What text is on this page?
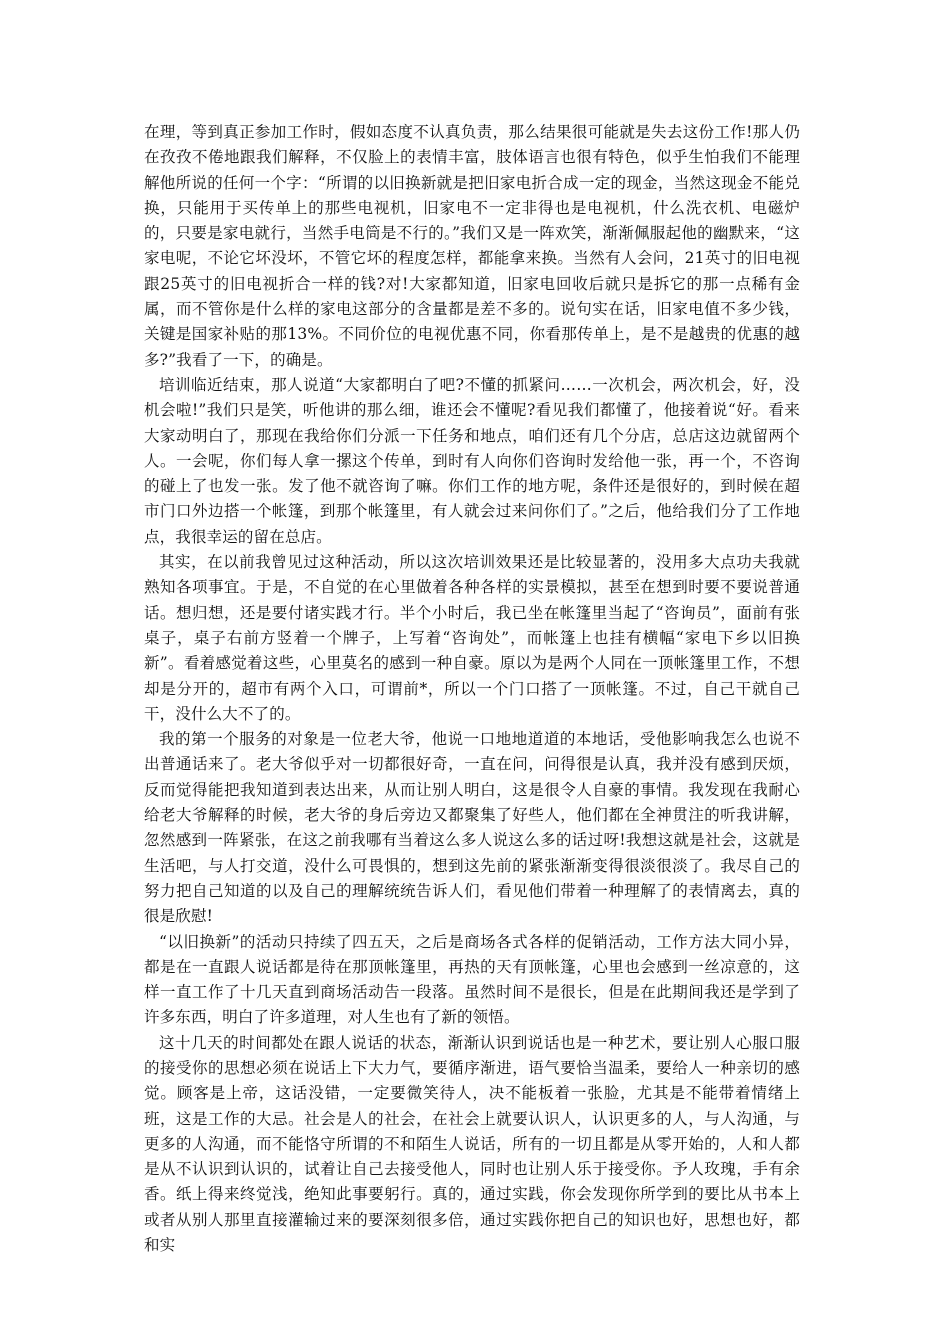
在理，等到真正参加工作时，假如态度不认真负责，那么结果很可能就是失去这份工作!那人仍在孜孜不倦地跟我们解释，不仅脸上的表情丰富，肢体语言也很有特色，似乎生怕我们不能理解他所说的任何一个字：“所谓的以旧换新就是把旧家电折合成一定的现金，当然这现金不能兑换，只能用于买传单上的那些电视机，旧家电不一定非得也是电视机，什么洗衣机、电磁炉的，只要是家电就行，当然手电筒是不行的。”我们又是一阵欢笑，渐渐佩服起他的幽默来，“这家电呢，不论它坏没坏，不管它坏的程度怎样，都能拿来换。当然有人会问，21英寸的旧电视跟25英寸的旧电视折合一样的钱?对!大家都知道，旧家电回收后就只是拆它的那一点稀有金属，而不管你是什么样的家电这部分的含量都是差不多的。说句实在话，旧家电值不多少钱，关键是国家补贴的那13%。不同价位的电视优惠不同，你看那传单上，是不是越贵的优惠的越多?”我看了一下，的确是。

培训临近结束，那人说道“大家都明白了吧?不懂的抓紧问……一次机会，两次机会，好，没机会啦!”我们只是笑，听他讲的那么细，谁还会不懂呢?看见我们都懂了，他接着说“好。看来大家动明白了，那现在我给你们分派一下任务和地点，咱们还有几个分店，总店这边就留两个人。一会呢，你们每人拿一摞这个传单，到时有人向你们咨询时发给他一张，再一个，不咨询的碰上了也发一张。发了他不就咨询了嘛。你们工作的地方呢，条件还是很好的，到时候在超市门口外边搭一个帐篷，到那个帐篷里，有人就会过来问你们了。”之后，他给我们分了工作地点，我很幸运的留在总店。

其实，在以前我曾见过这种活动，所以这次培训效果还是比较显著的，没用多大点功夫我就熟知各项事宜。于是，不自觉的在心里做着各种各样的实景模拟，甚至在想到时要不要说普通话。想归想，还是要付诸实践才行。半个小时后，我已坐在帐篷里当起了“咨询员”，面前有张桌子，桌子右前方竖着一个牌子，上写着“咨询处”，而帐篷上也挂有横幅“家电下乡以旧换新”。看着感觉着这些，心里莫名的感到一种自豪。原以为是两个人同在一顶帐篷里工作，不想却是分开的，超市有两个入口，可谓前*，所以一个门口搭了一顶帐篷。不过，自己干就自己干，没什么大不了的。

我的第一个服务的对象是一位老大爷，他说一口地地道道的本地话，受他影响我怎么也说不出普通话来了。老大爷似乎对一切都很好奇，一直在问，问得很是认真，我并没有感到厌烦，反而觉得能把我知道到表达出来，从而让别人明白，这是很令人自豪的事情。我发现在我耐心给老大爷解释的时候，老大爷的身后旁边又都聚集了好些人，他们都在全神贯注的听我讲解，忽然感到一阵紧张，在这之前我哪有当着这么多人说这么多的话过呀!我想这就是社会，这就是生活吧，与人打交道，没什么可畏惧的，想到这先前的紧张渐渐变得很淡很淡了。我尽自己的努力把自己知道的以及自己的理解统统告诉人们，看见他们带着一种理解了的表情离去，真的很是欣慰!

“以旧换新”的活动只持续了四五天，之后是商场各式各样的促销活动，工作方法大同小异，都是在一直跟人说话都是待在那顶帐篷里，再热的天有顶帐篷，心里也会感到一丝凉意的，这样一直工作了十几天直到商场活动告一段落。虽然时间不是很长，但是在此期间我还是学到了许多东西，明白了许多道理，对人生也有了新的领悟。

这十几天的时间都处在跟人说话的状态，渐渐认识到说话也是一种艺术，要让别人心服口服的接受你的思想必须在说话上下大力气，要循序渐进，语气要恰当温柔，要给人一种亲切的感觉。顾客是上帝，这话没错，一定要微笑待人，决不能板着一张脸，尤其是不能带着情绪上班，这是工作的大忌。社会是人的社会，在社会上就要认识人，认识更多的人，与人沟通，与更多的人沟通，而不能恪守所谓的不和陌生人说话，所有的一切且都是从零开始的，人和人都是从不认识到认识的，试着让自己去接受他人，同时也让别人乐于接受你。予人玫瑰，手有余香。纸上得来终觉浅，绝知此事要躬行。真的，通过实践，你会发现你所学到的要比从书本上或者从别人那里直接灌输过来的要深刻很多倍，通过实践你把自己的知识也好，思想也好，都和实
